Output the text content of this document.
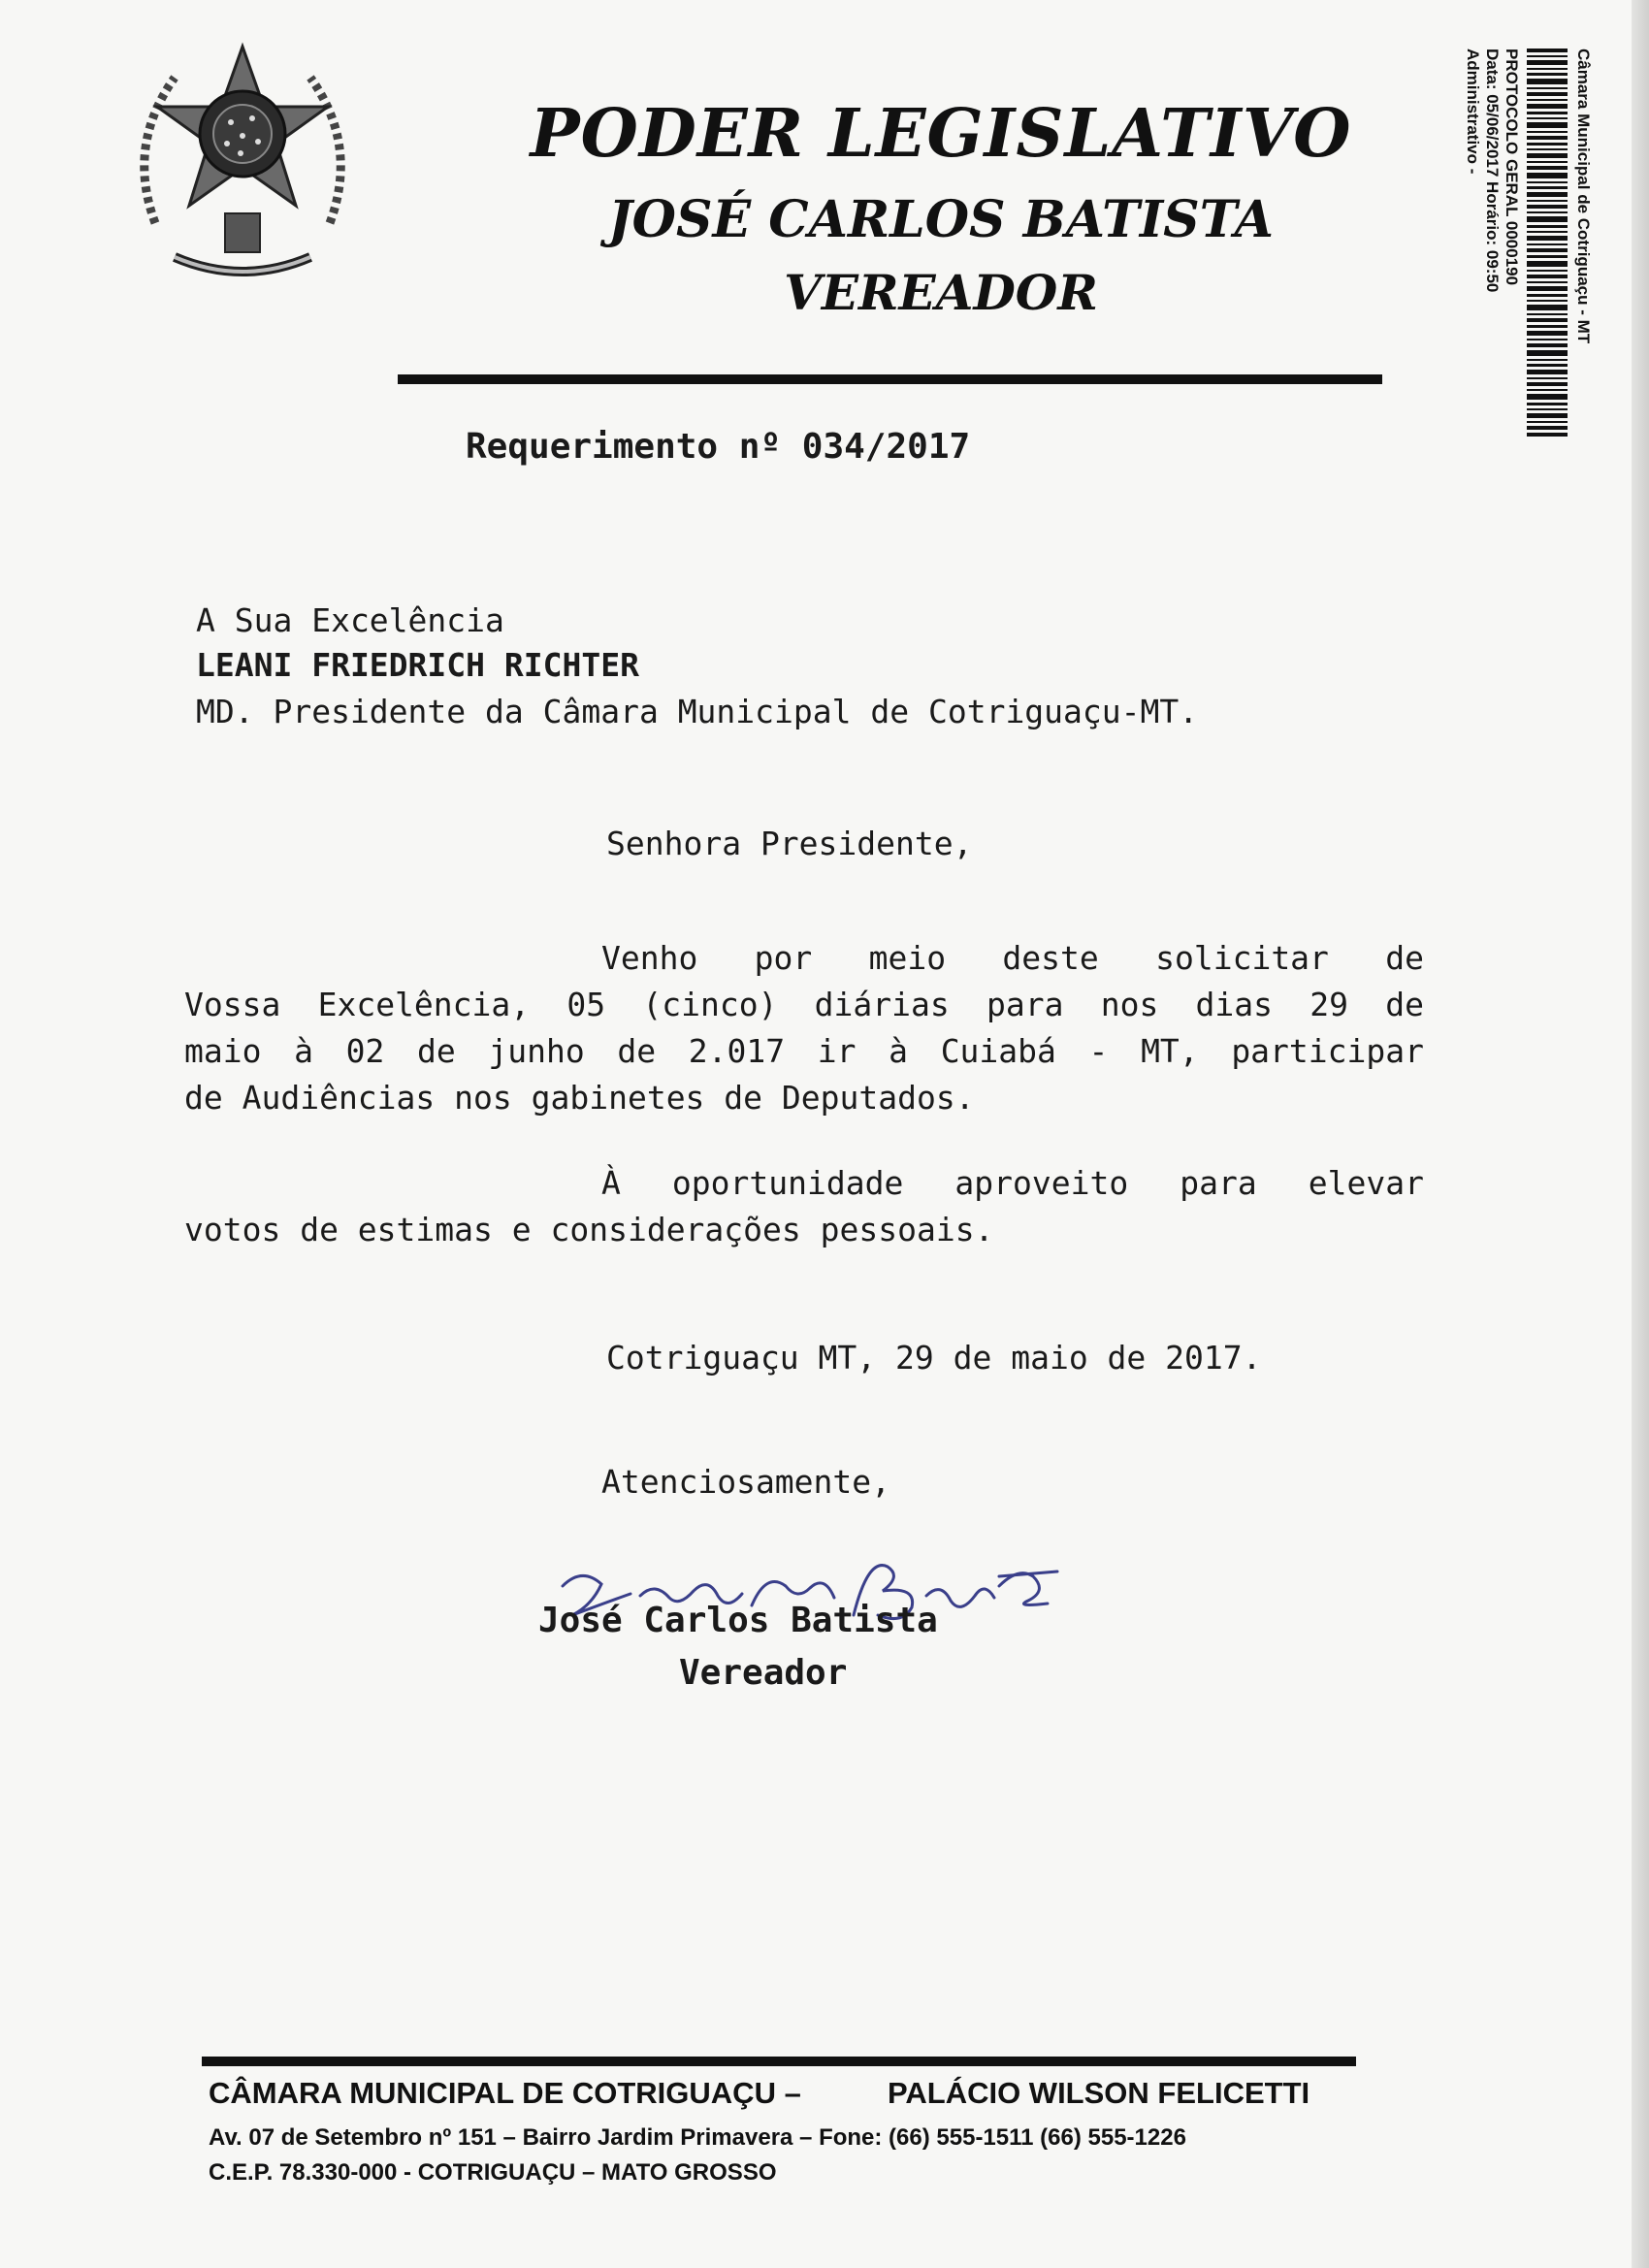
PODER LEGISLATIVO
JOSÉ CARLOS BATISTA
VEREADOR	Câmara Municipal de Cotriguaçu - MT
PROTOCOLO GERAL 0000190
Data: 05/06/2017 Horário: 09:50
Administrativo -
Requerimento nº 034/2017
A Sua Excelência
LEANI FRIEDRICH RICHTER
MD. Presidente da Câmara Municipal de Cotriguaçu-MT.
Senhora Presidente,
Venho por meio deste solicitar de
Vossa Excelência, 05 (cinco) diárias para nos dias 29 de
maio à 02 de junho de 2.017 ir à Cuiabá - MT, participar
de Audiências nos gabinetes de Deputados.
À oportunidade aproveito para elevar
votos de estimas e considerações pessoais.
Cotriguaçu MT, 29 de maio de 2017.
Atenciosamente,
José Carlos Batista
Vereador
CÂMARA MUNICIPAL DE COTRIGUAÇU –	PALÁCIO WILSON FELICETTI
Av. 07 de Setembro nº 151 – Bairro Jardim Primavera – Fone: (66) 555-1511 (66) 555-1226
C.E.P. 78.330-000 - COTRIGUAÇU – MATO GROSSO
